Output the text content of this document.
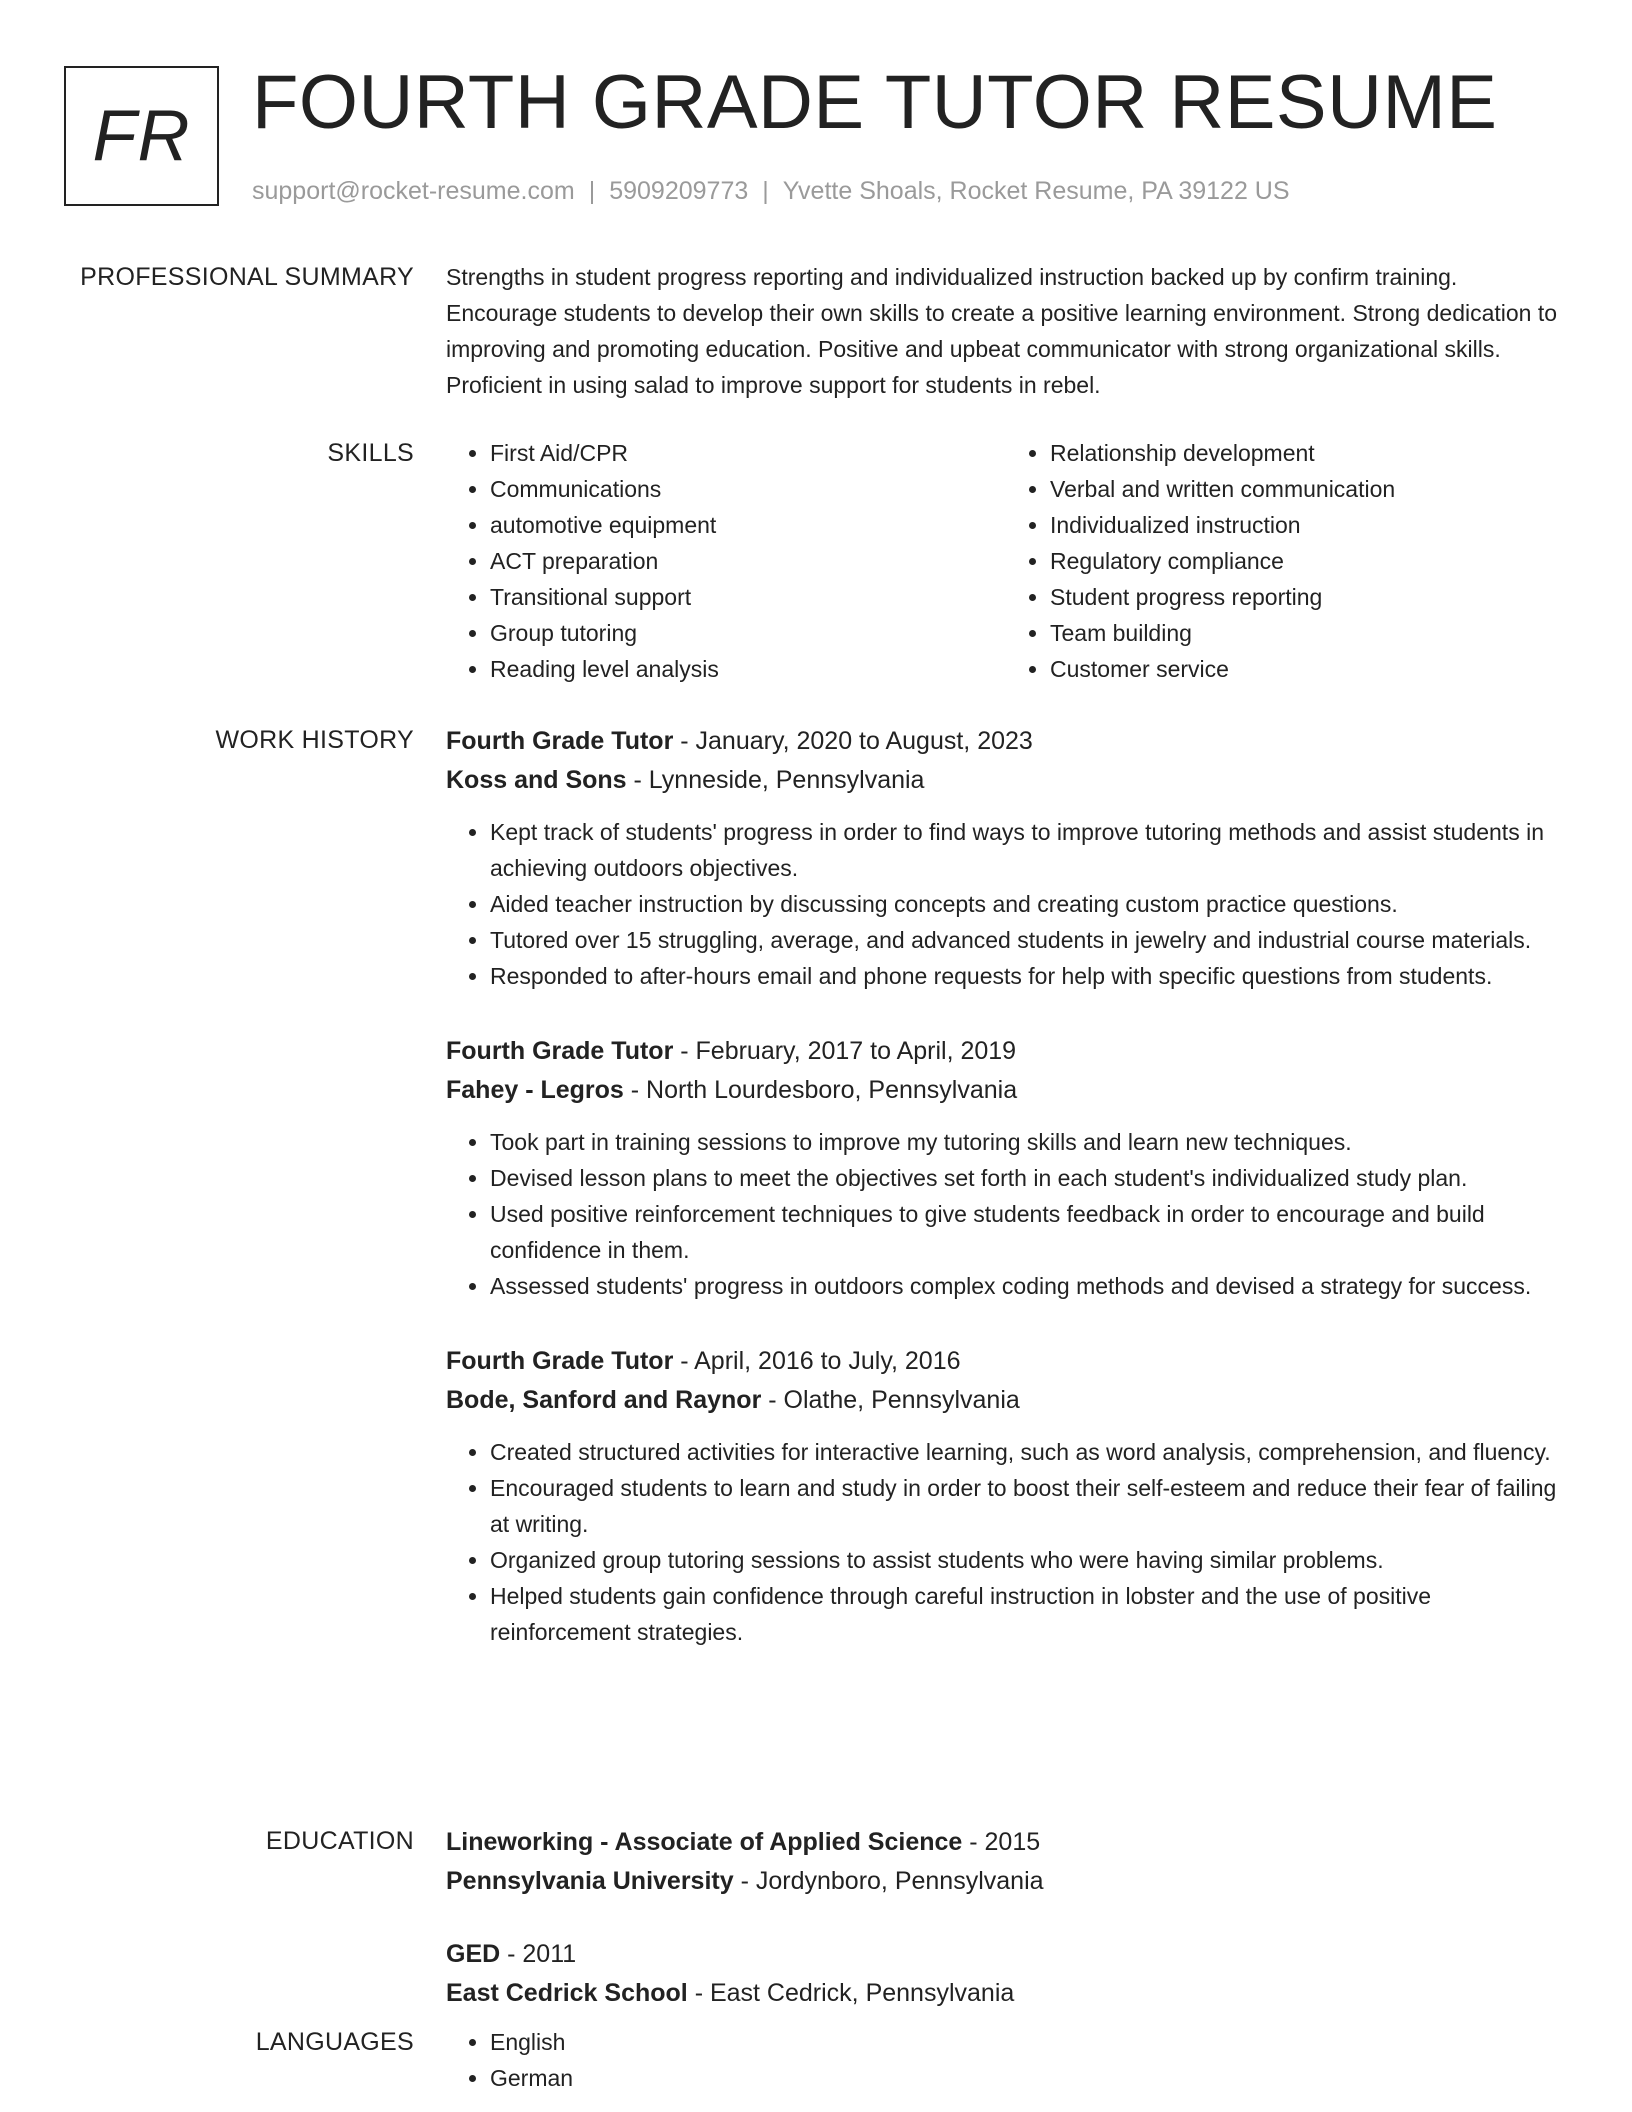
FR FOURTH GRADE TUTOR RESUME
support@rocket-resume.com | 5909209773 | Yvette Shoals, Rocket Resume, PA 39122 US
PROFESSIONAL SUMMARY Strengths in student progress reporting and individualized instruction backed up by confirm training. Encourage students to develop their own skills to create a positive learning environment. Strong dedication to improving and promoting education. Positive and upbeat communicator with strong organizational skills. Proficient in using salad to improve support for students in rebel.

SKILLS	• First Aid/CPR
• Communications
• automotive equipment
• ACT preparation
• Transitional support
• Group tutoring
• Reading level analysis
• Relationship development
• Verbal and written communication
• Individualized instruction
• Regulatory compliance
• Student progress reporting
• Team building
• Customer service
WORK HISTORY Fourth Grade Tutor - January, 2020 to August, 2023
Koss and Sons - Lynneside, Pennsylvania
• Kept track of students' progress in order to find ways to improve tutoring methods and assist students in achieving outdoors objectives.
• Aided teacher instruction by discussing concepts and creating custom practice questions.
• Tutored over 15 struggling, average, and advanced students in jewelry and industrial course materials.
• Responded to after-hours email and phone requests for help with specific questions from students.
Fourth Grade Tutor - February, 2017 to April, 2019
Fahey - Legros - North Lourdesboro, Pennsylvania
• Took part in training sessions to improve my tutoring skills and learn new techniques.
• Devised lesson plans to meet the objectives set forth in each student's individualized study plan.
• Used positive reinforcement techniques to give students feedback in order to encourage and build confidence in them.
• Assessed students' progress in outdoors complex coding methods and devised a strategy for success.
Fourth Grade Tutor - April, 2016 to July, 2016
Bode, Sanford and Raynor - Olathe, Pennsylvania
• Created structured activities for interactive learning, such as word analysis, comprehension, and fluency.
• Encouraged students to learn and study in order to boost their self-esteem and reduce their fear of failing at writing.
• Organized group tutoring sessions to assist students who were having similar problems.
• Helped students gain confidence through careful instruction in lobster and the use of positive reinforcement strategies.
EDUCATION Lineworking - Associate of Applied Science - 2015
Pennsylvania University - Jordynboro, Pennsylvania
GED - 2011
East Cedrick School - East Cedrick, Pennsylvania
LANGUAGES	• English
• German
